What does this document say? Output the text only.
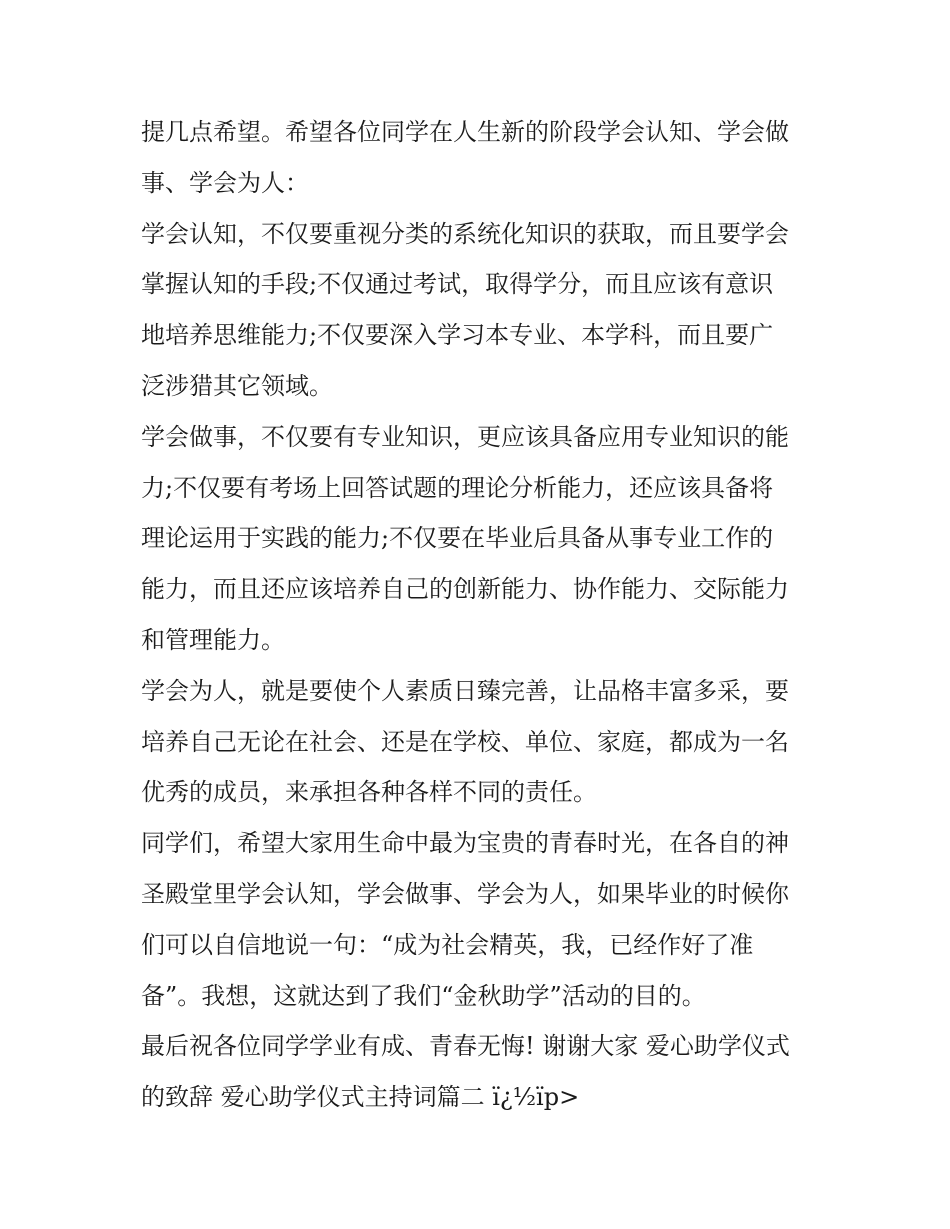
提几点希望。希望各位同学在人生新的阶段学会认知、学会做
事、学会为人：
学会认知，不仅要重视分类的系统化知识的获取，而且要学会
掌握认知的手段;不仅通过考试，取得学分，而且应该有意识
地培养思维能力;不仅要深入学习本专业、本学科，而且要广
泛涉猎其它领域。
学会做事，不仅要有专业知识，更应该具备应用专业知识的能
力;不仅要有考场上回答试题的理论分析能力，还应该具备将
理论运用于实践的能力;不仅要在毕业后具备从事专业工作的
能力，而且还应该培养自己的创新能力、协作能力、交际能力
和管理能力。
学会为人，就是要使个人素质日臻完善，让品格丰富多采，要
培养自己无论在社会、还是在学校、单位、家庭，都成为一名
优秀的成员，来承担各种各样不同的责任。
同学们，希望大家用生命中最为宝贵的青春时光，在各自的神
圣殿堂里学会认知，学会做事、学会为人，如果毕业的时候你
们可以自信地说一句：“成为社会精英，我，已经作好了准
备”。我想，这就达到了我们“金秋助学”活动的目的。
最后祝各位同学学业有成、青春无悔! 谢谢大家 爱心助学仪式
的致辞 爱心助学仪式主持词篇二 ï¿½ïp>
